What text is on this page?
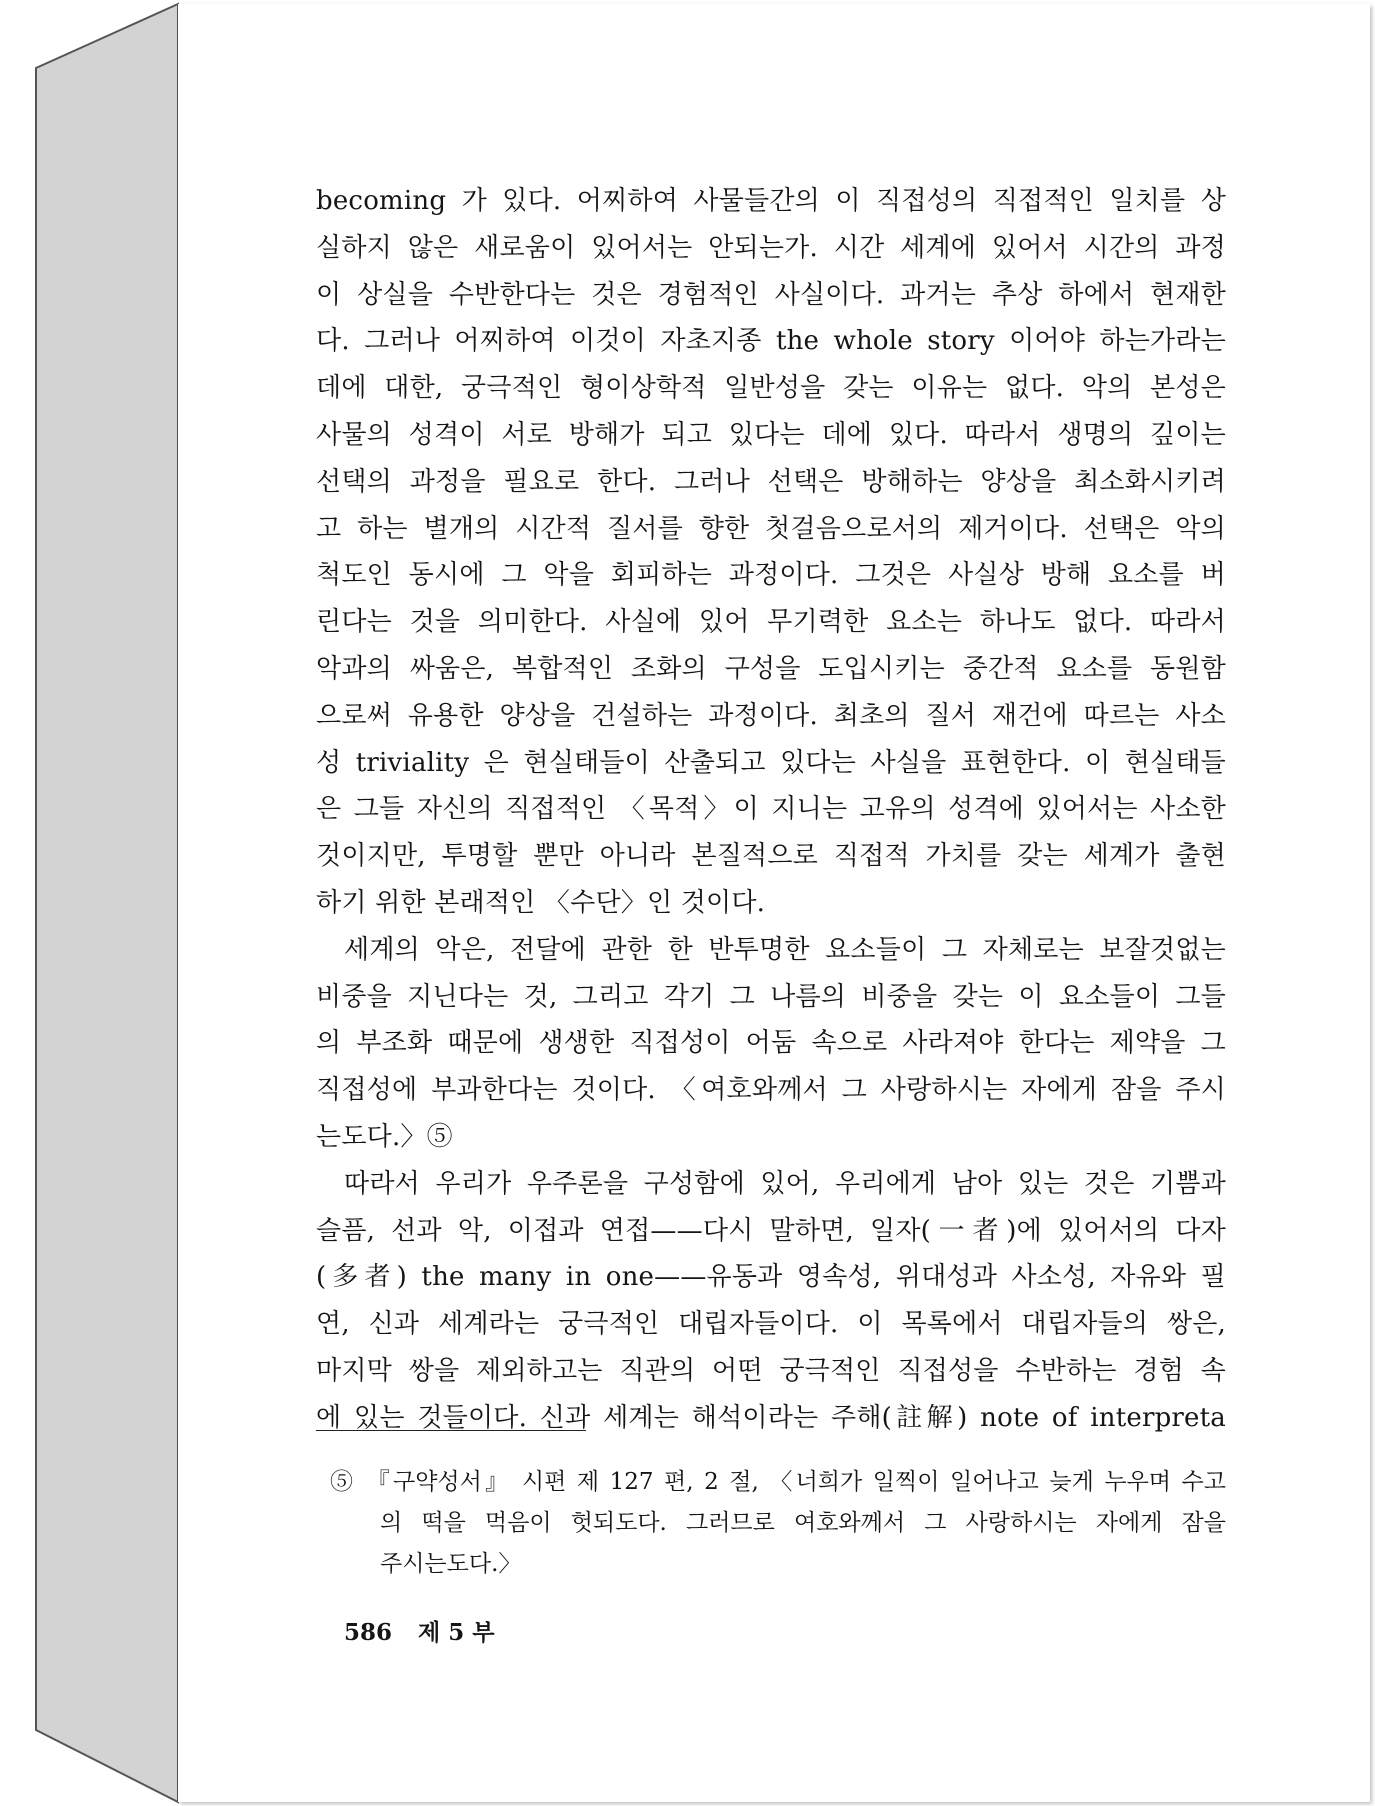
becoming 가 있다. 어찌하여 사물들간의 이 직접성의 직접적인 일치를 상
실하지 않은 새로움이 있어서는 안되는가. 시간 세계에 있어서 시간의 과정
이 상실을 수반한다는 것은 경험적인 사실이다. 과거는 추상 하에서 현재한
다. 그러나 어찌하여 이것이 자초지종 the whole story 이어야 하는가라는
데에 대한, 궁극적인 형이상학적 일반성을 갖는 이유는 없다. 악의 본성은
사물의 성격이 서로 방해가 되고 있다는 데에 있다. 따라서 생명의 깊이는
선택의 과정을 필요로 한다. 그러나 선택은 방해하는 양상을 최소화시키려
고 하는 별개의 시간적 질서를 향한 첫걸음으로서의 제거이다. 선택은 악의
척도인 동시에 그 악을 회피하는 과정이다. 그것은 사실상 방해 요소를 버
린다는 것을 의미한다. 사실에 있어 무기력한 요소는 하나도 없다. 따라서
악과의 싸움은, 복합적인 조화의 구성을 도입시키는 중간적 요소를 동원함
으로써 유용한 양상을 건설하는 과정이다. 최초의 질서 재건에 따르는 사소
성 triviality 은 현실태들이 산출되고 있다는 사실을 표현한다. 이 현실태들
은 그들 자신의 직접적인 〈목적〉이 지니는 고유의 성격에 있어서는 사소한
것이지만, 투명할 뿐만 아니라 본질적으로 직접적 가치를 갖는 세계가 출현
하기 위한 본래적인 〈수단〉인 것이다.
세계의 악은, 전달에 관한 한 반투명한 요소들이 그 자체로는 보잘것없는
비중을 지닌다는 것, 그리고 각기 그 나름의 비중을 갖는 이 요소들이 그들
의 부조화 때문에 생생한 직접성이 어둠 속으로 사라져야 한다는 제약을 그
직접성에 부과한다는 것이다. 〈여호와께서 그 사랑하시는 자에게 잠을 주시
는도다.〉⑤
따라서 우리가 우주론을 구성함에 있어, 우리에게 남아 있는 것은 기쁨과
슬픔, 선과 악, 이접과 연접——다시 말하면, 일자(一者)에 있어서의 다자
(多者) the many in one——유동과 영속성, 위대성과 사소성, 자유와 필
연, 신과 세계라는 궁극적인 대립자들이다. 이 목록에서 대립자들의 쌍은,
마지막 쌍을 제외하고는 직관의 어떤 궁극적인 직접성을 수반하는 경험 속
에 있는 것들이다. 신과 세계는 해석이라는 주해(註解) note of interpreta
⑤ 『구약성서』 시편 제 127 편, 2 절, 〈너희가 일찍이 일어나고 늦게 누우며 수고
의 떡을 먹음이 헛되도다. 그러므로 여호와께서 그 사랑하시는 자에게 잠을
주시는도다.〉
586 제 5 부
